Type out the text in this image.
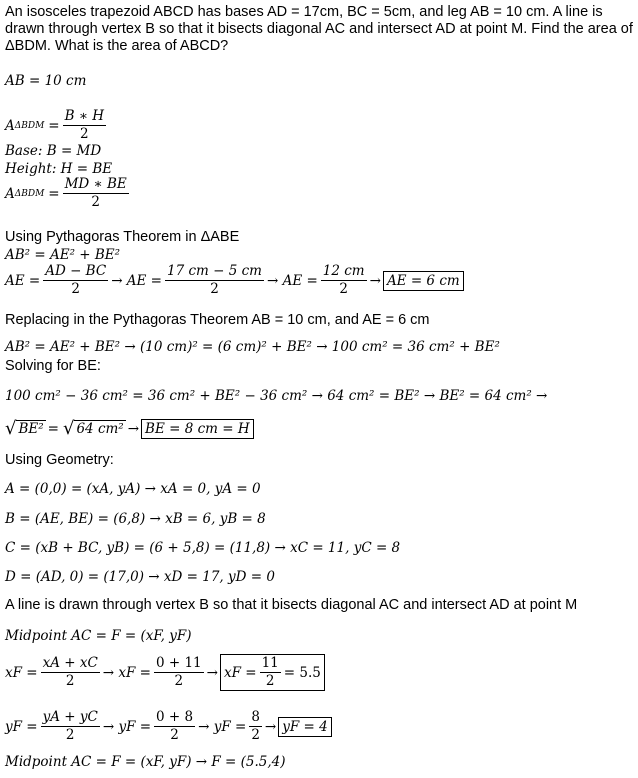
An isosceles trapezoid ABCD has bases AD = 17cm, BC = 5cm, and leg AB = 10 cm. A line is drawn through vertex B so that it bisects diagonal AC and intersect AD at point M. Find the area of ΔBDM. What is the area of ABCD?
AB = 10 cm
A $\Delta BDM = \frac{B ∗ H}{2}$
Base: B = MD
Height: H = BE
A $\Delta BDM = \frac{MD ∗ BE}{2}$
Using Pythagoras Theorem in ΔABE
AB² = AE² + BE²
AE = $\frac{AD - BC}{2}$ → AE = $\frac{17 cm - 5 cm}{2}$ → AE = $\frac{12 cm}{2}$ → AE = 6 cm
Replacing in the Pythagoras Theorem AB = 10 cm, and AE = 6 cm
AB² = AE² + BE² → (10 cm)² = (6 cm)² + BE² → 100 cm² = 36 cm² + BE²
Solving for BE:
100 cm² − 36 cm² = 36 cm² + BE² − 36 cm² → 64 cm² = BE² → BE² = 64 cm² →
√ BE² = √ 64 cm² → BE = 8 cm = H
Using Geometry:
A = (0,0) = (xA, yA) → xA = 0, yA = 0
B = (AE, BE) = (6,8) → xB = 6, yB = 8
C = (xB + BC, yB) = (6 + 5,8) = (11,8) → xC = 11, yC = 8
D = (AD, 0) = (17,0) → xD = 17, yD = 0
A line is drawn through vertex B so that it bisects diagonal AC and intersect AD at point M
Midpoint AC = F = (xF, yF)
xF = $\frac{xA + xC}{2}$ → xF = $\frac{0 + 11}{2}$ → xF = $\frac{11}{2} = 5.5$
yF = $\frac{yA + yC}{2}$ → yF = $\frac{0 + 8}{2}$ → yF = $\frac{8}{2}$ → yF = 4
Midpoint AC = F = (xF, yF) → F = (5.5,4)
